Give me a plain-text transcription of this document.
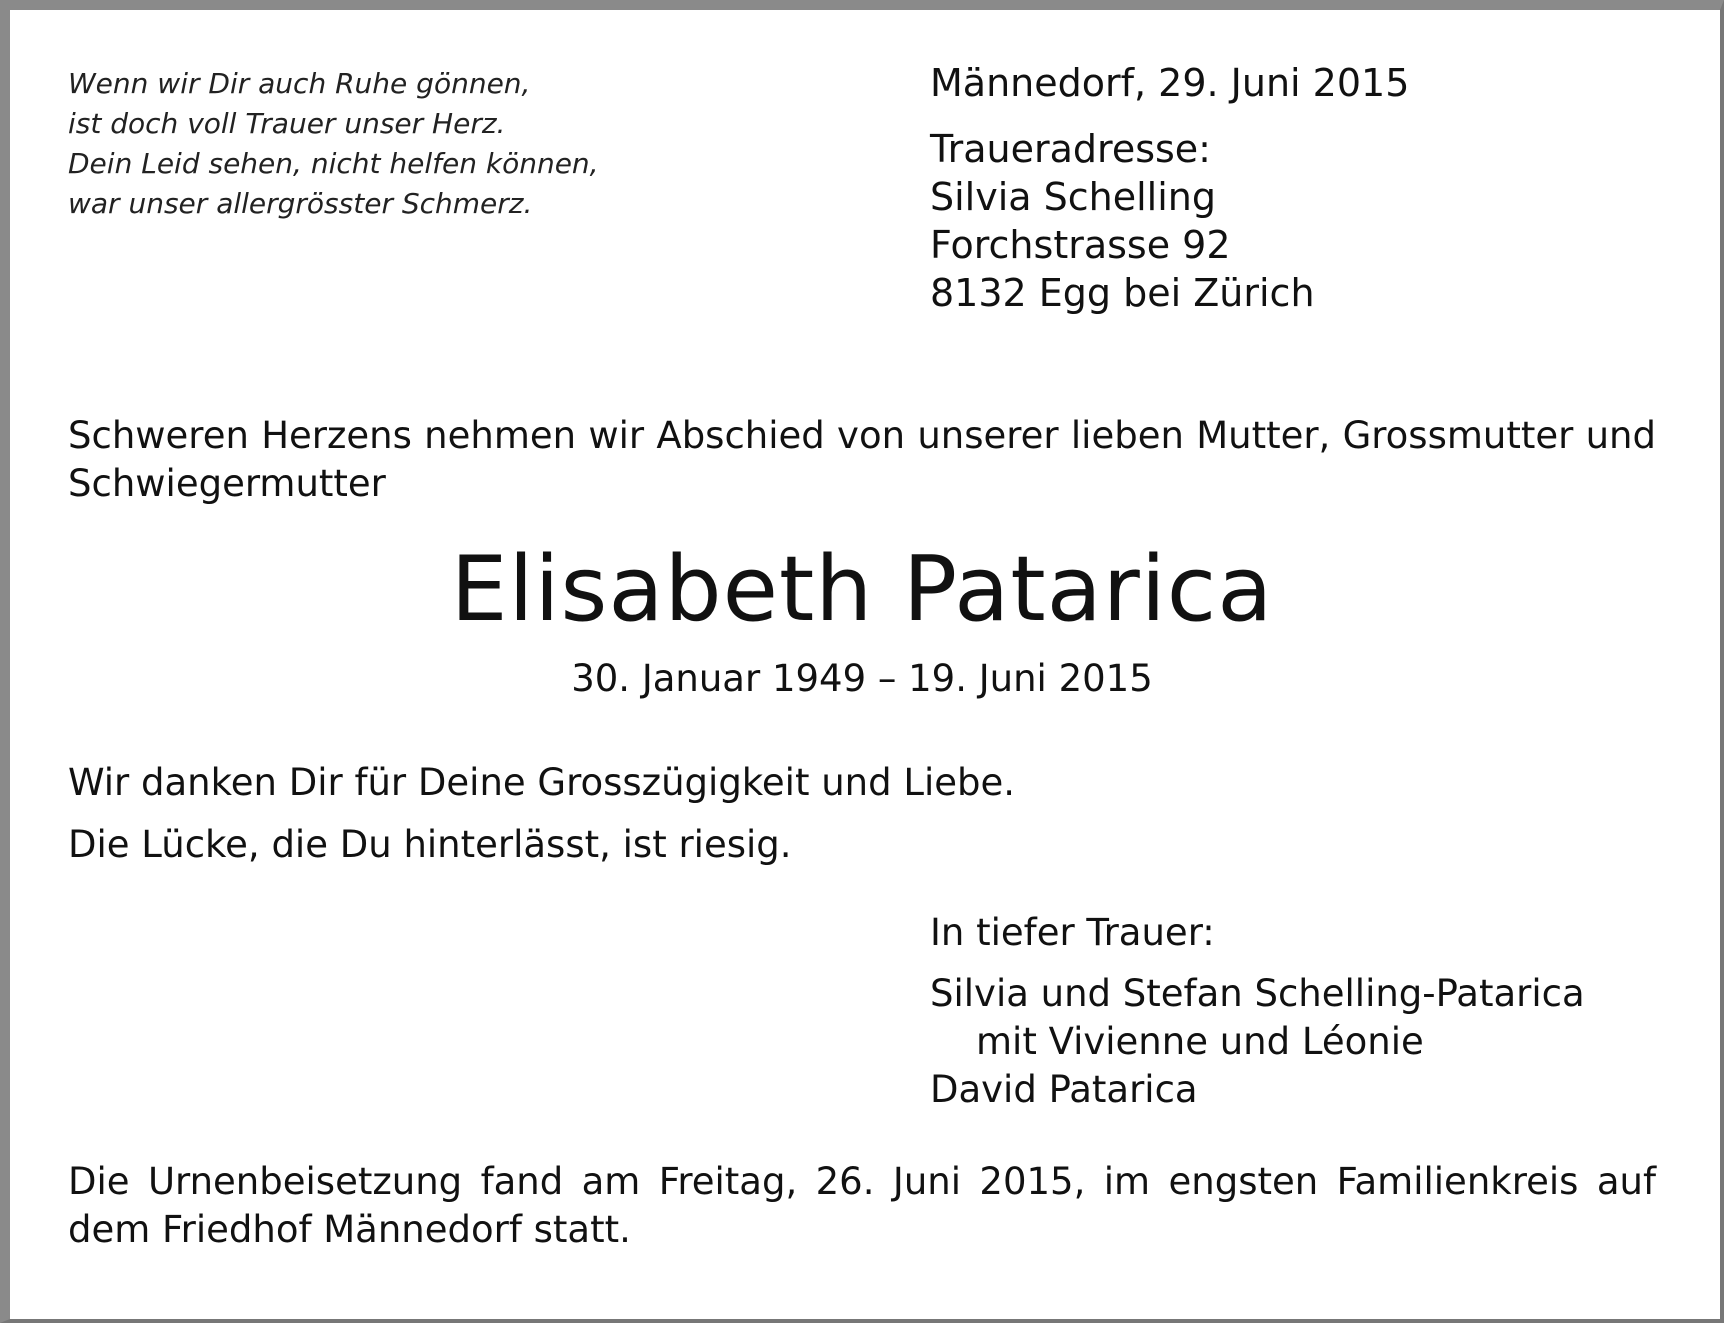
Wenn wir Dir auch Ruhe gönnen,
ist doch voll Trauer unser Herz.
Dein Leid sehen, nicht helfen können,
war unser allergrösster Schmerz.
Männedorf, 29. Juni 2015
Traueradresse:
Silvia Schelling
Forchstrasse 92
8132 Egg bei Zürich
Schweren Herzens nehmen wir Abschied von unserer lieben Mutter, Grossmutter und Schwiegermutter
Elisabeth Patarica
30. Januar 1949 – 19. Juni 2015
Wir danken Dir für Deine Grosszügigkeit und Liebe.
Die Lücke, die Du hinterlässt, ist riesig.
In tiefer Trauer:
Silvia und Stefan Schelling-Patarica
mit Vivienne und Léonie
David Patarica
Die Urnenbeisetzung fand am Freitag, 26. Juni 2015, im engsten Familienkreis auf dem Friedhof Männedorf statt.
